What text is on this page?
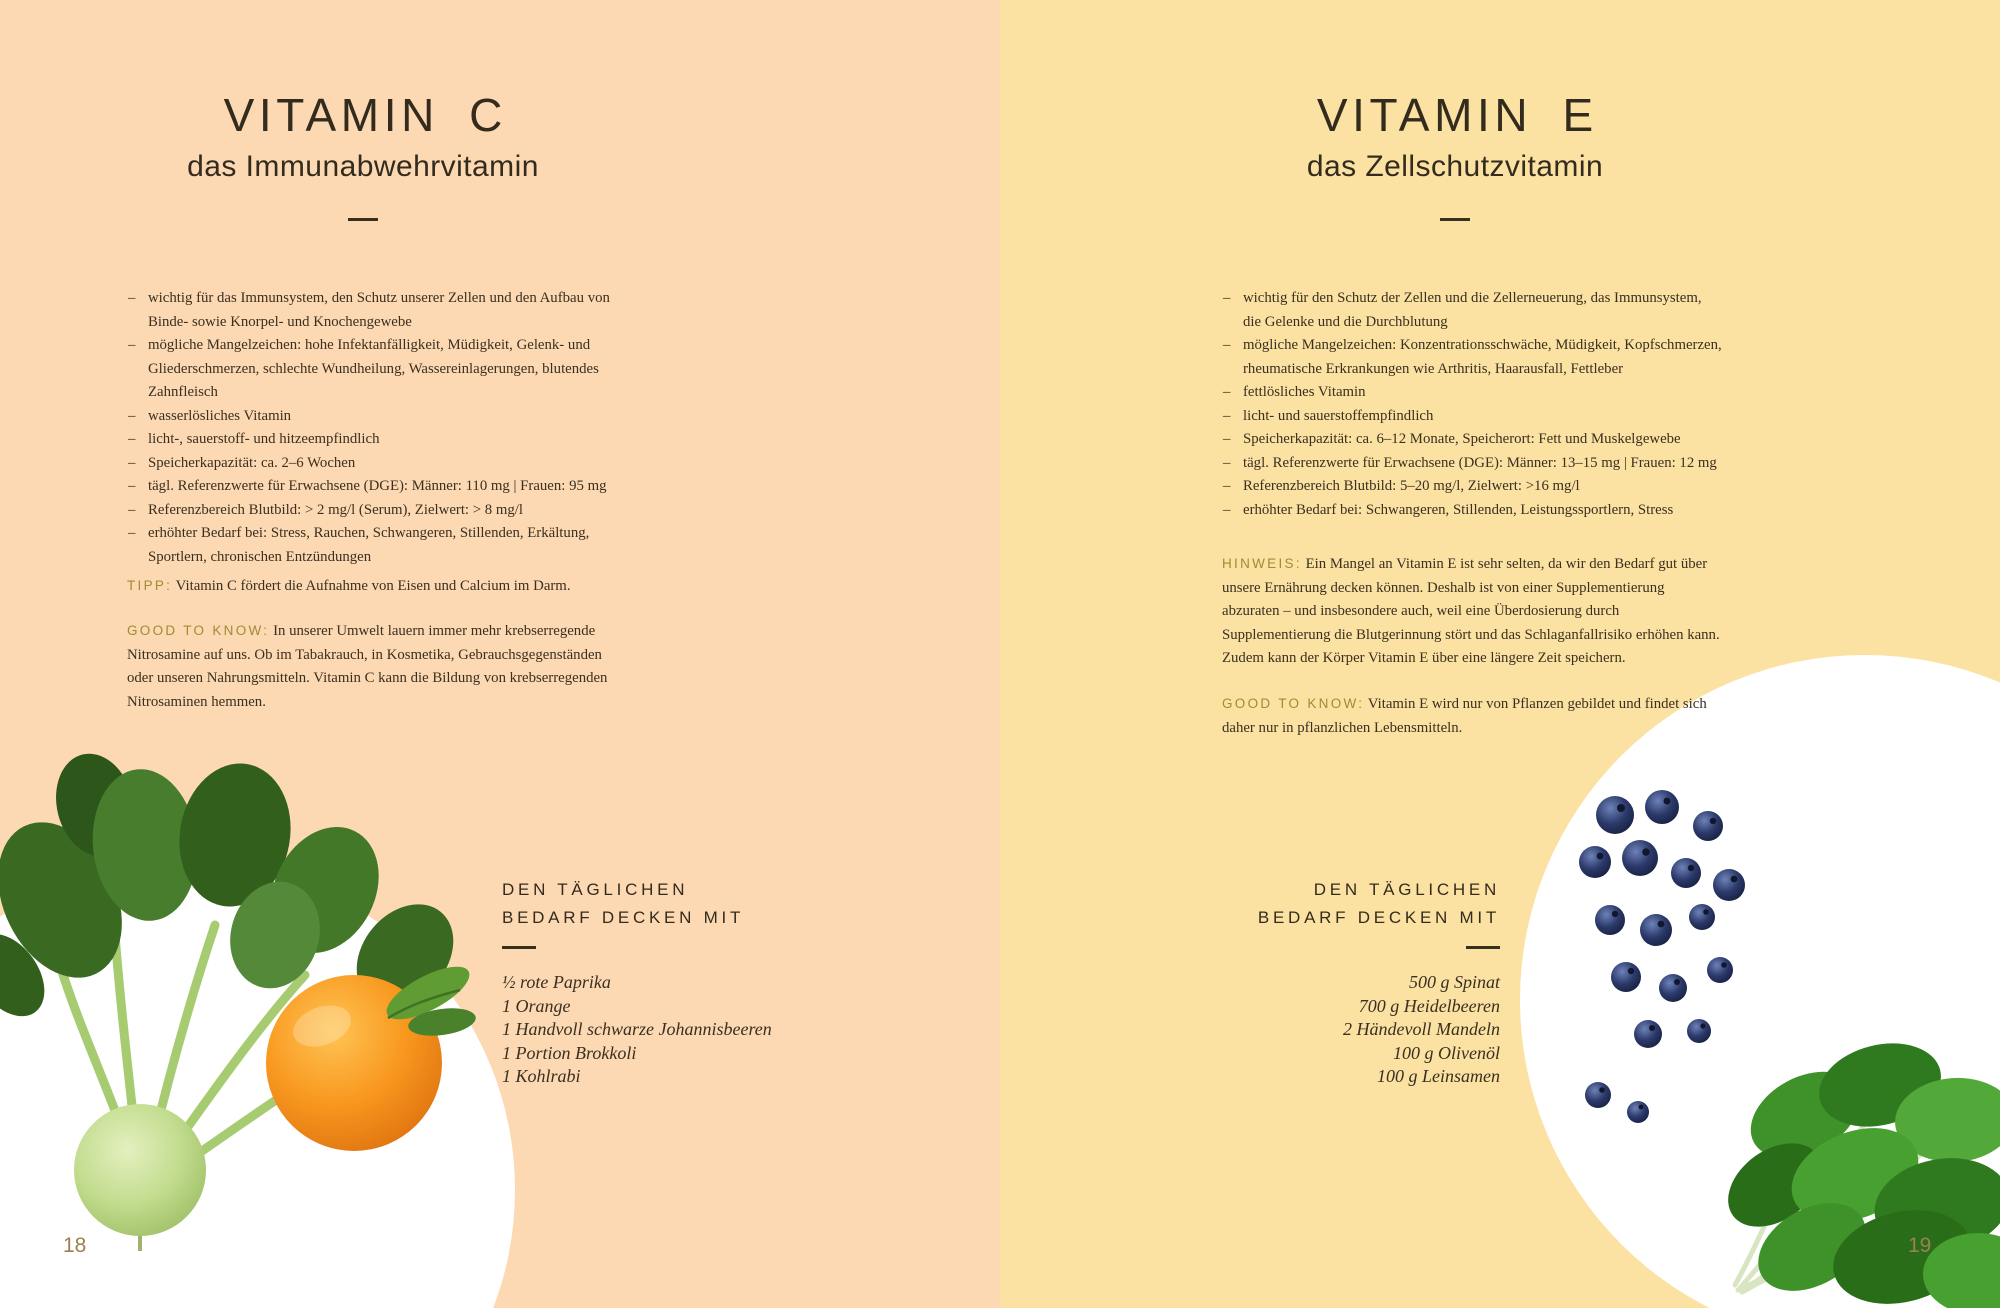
VITAMIN C
das Immunabwehrvitamin
– wichtig für das Immunsystem, den Schutz unserer Zellen und den Aufbau von Binde- sowie Knorpel- und Knochengewebe
– mögliche Mangelzeichen: hohe Infektanfälligkeit, Müdigkeit, Gelenk- und Gliederschmerzen, schlechte Wundheilung, Wassereinlagerungen, blutendes Zahnfleisch
– wasserlösliches Vitamin
– licht-, sauerstoff- und hitzeempfindlich
– Speicherkapazität: ca. 2–6 Wochen
– tägl. Referenzwerte für Erwachsene (DGE): Männer: 110 mg | Frauen: 95 mg
– Referenzbereich Blutbild: > 2 mg/l (Serum), Zielwert: > 8 mg/l
– erhöhter Bedarf bei: Stress, Rauchen, Schwangeren, Stillenden, Erkältung, Sportlern, chronischen Entzündungen

TIPP: Vitamin C fördert die Aufnahme von Eisen und Calcium im Darm.

GOOD TO KNOW: In unserer Umwelt lauern immer mehr krebserregende Nitrosamine auf uns. Ob im Tabakrauch, in Kosmetika, Gebrauchsgegenständen oder unseren Nahrungsmitteln. Vitamin C kann die Bildung von krebserregenden Nitrosaminen hemmen.

DEN TÄGLICHEN
BEDARF DECKEN MIT
½ rote Paprika
1 Orange
1 Handvoll schwarze Johannisbeeren
1 Portion Brokkoli
1 Kohlrabi
18
VITAMIN E
das Zellschutzvitamin
– wichtig für den Schutz der Zellen und die Zellerneuerung, das Immunsystem, die Gelenke und die Durchblutung
– mögliche Mangelzeichen: Konzentrationsschwäche, Müdigkeit, Kopfschmerzen, rheumatische Erkrankungen wie Arthritis, Haarausfall, Fettleber
– fettlösliches Vitamin
– licht- und sauerstoffempfindlich
– Speicherkapazität: ca. 6–12 Monate, Speicherort: Fett und Muskelgewebe
– tägl. Referenzwerte für Erwachsene (DGE): Männer: 13–15 mg | Frauen: 12 mg
– Referenzbereich Blutbild: 5–20 mg/l, Zielwert: >16 mg/l
– erhöhter Bedarf bei: Schwangeren, Stillenden, Leistungssportlern, Stress

HINWEIS: Ein Mangel an Vitamin E ist sehr selten, da wir den Bedarf gut über unsere Ernährung decken können. Deshalb ist von einer Supplementierung abzuraten – und insbesondere auch, weil eine Überdosierung durch Supplementierung die Blutgerinnung stört und das Schlaganfallrisiko erhöhen kann. Zudem kann der Körper Vitamin E über eine längere Zeit speichern.

GOOD TO KNOW: Vitamin E wird nur von Pflanzen gebildet und findet sich daher nur in pflanzlichen Lebensmitteln.

DEN TÄGLICHEN
BEDARF DECKEN MIT
500 g Spinat
700 g Heidelbeeren
2 Händevoll Mandeln
100 g Olivenöl
100 g Leinsamen
19
